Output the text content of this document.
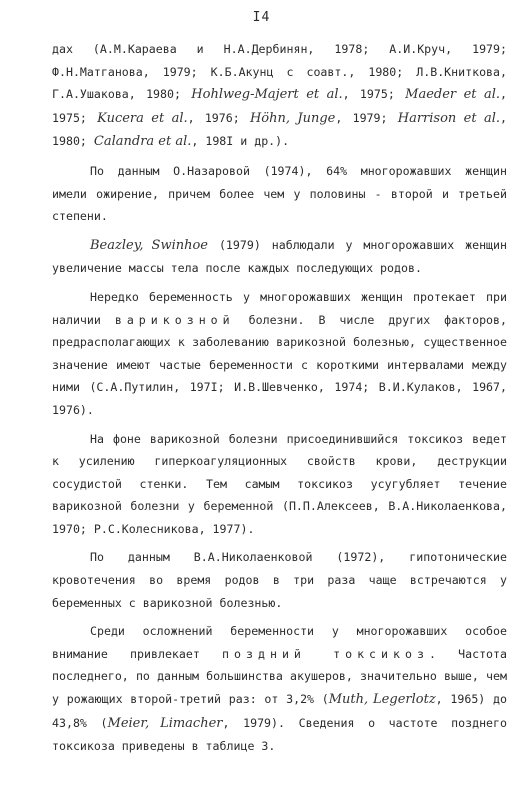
I4

дах (А.М.Караева и Н.А.Дербинян, 1978; А.И.Круч, 1979; Ф.Н.Матганова, 1979; К.Б.Акунц с соавт., 1980; Л.В.Книткова, Г.А.Ушакова, 1980; Hohlweg-Majert et al., 1975; Maeder et al., 1975; Kucera et al., 1976; Höhn, Junge, 1979; Harrison et al., 1980; Calandra et al., 198I и др.).

По данным О.Назаровой (1974), 64% многорожавших женщин имели ожирение, причем более чем у половины - второй и третьей степени.

Beazley, Swinhoe (1979) наблюдали у многорожавших женщин увеличение массы тела после каждых последующих родов.

Нередко беременность у многорожавших женщин протекает при наличии варикозной болезни. В числе других факторов, предрасполагающих к заболеванию варикозной болезнью, существенное значение имеют частые беременности с короткими интервалами между ними (С.А.Путилин, 197I; И.В.Шевченко, 1974; В.И.Кулаков, 1967, 1976).

На фоне варикозной болезни присоединившийся токсикоз ведет к усилению гиперкоагуляционных свойств крови, деструкции сосудистой стенки. Тем самым токсикоз усугубляет течение варикозной болезни у беременной (П.П.Алексеев, В.А.Николаенкова, 1970; Р.С.Колесникова, 1977).

По данным В.А.Николаенковой (1972), гипотонические кровотечения во время родов в три раза чаще встречаются у беременных с варикозной болезнью.

Среди осложнений беременности у многорожавших особое внимание привлекает поздний токсикоз. Частота последнего, по данным большинства акушеров, значительно выше, чем у рожающих второй-третий раз: от 3,2% (Muth, Legerlotz, 1965) до 43,8% (Meier, Limacher, 1979). Сведения о частоте позднего токсикоза приведены в таблице 3.
